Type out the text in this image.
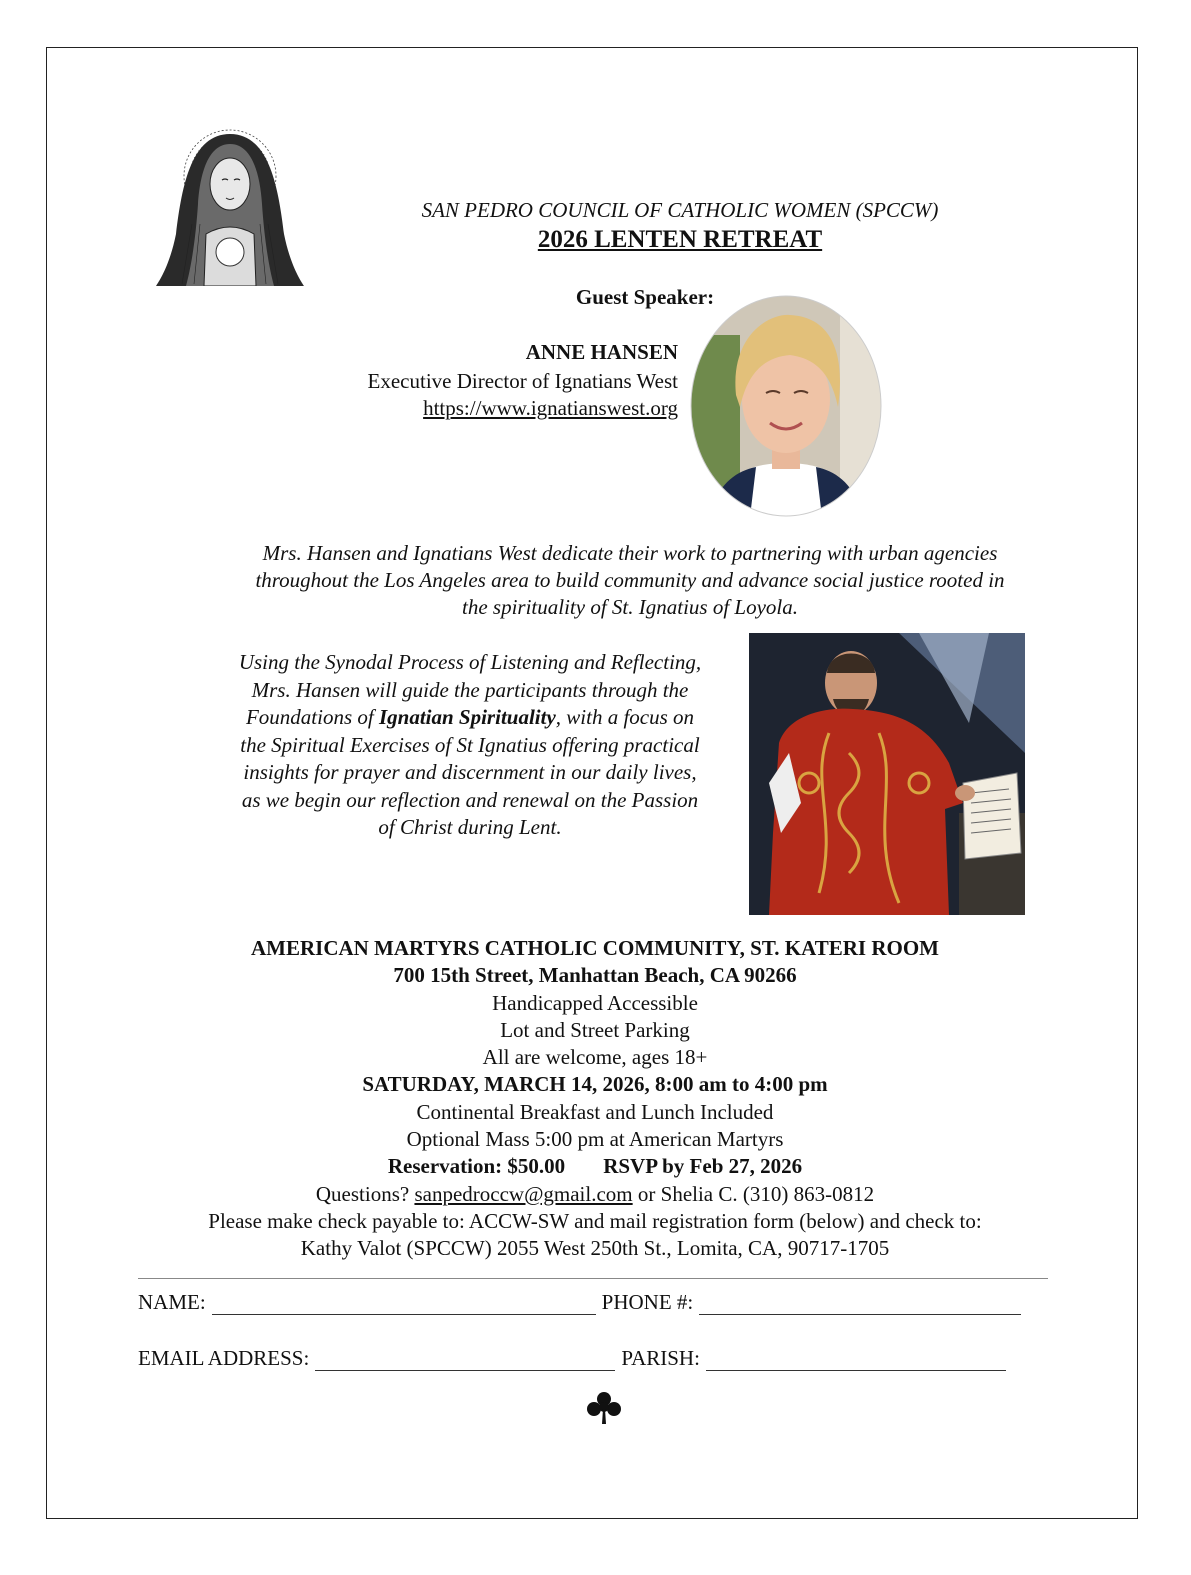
SAN PEDRO COUNCIL OF CATHOLIC WOMEN (SPCCW)
2026 LENTEN RETREAT
Guest Speaker:
ANNE HANSEN
Executive Director of Ignatians West
https://www.ignatianswest.org
Mrs. Hansen and Ignatians West dedicate their work to partnering with urban agencies
throughout the Los Angeles area to build community and advance social justice rooted in
the spirituality of St. Ignatius of Loyola.
Using the Synodal Process of Listening and Reflecting,
Mrs. Hansen will guide the participants through the
Foundations of Ignatian Spirituality, with a focus on
the Spiritual Exercises of St Ignatius offering practical
insights for prayer and discernment in our daily lives,
as we begin our reflection and renewal on the Passion
of Christ during Lent.
AMERICAN MARTYRS CATHOLIC COMMUNITY, ST. KATERI ROOM
700 15th Street, Manhattan Beach, CA 90266
Handicapped Accessible
Lot and Street Parking
All are welcome, ages 18+
SATURDAY, MARCH 14, 2026, 8:00 am to 4:00 pm
Continental Breakfast and Lunch Included
Optional Mass 5:00 pm at American Martyrs
Reservation: $50.00 RSVP by Feb 27, 2026
Questions? sanpedroccw@gmail.com or Shelia C. (310) 863-0812
Please make check payable to: ACCW-SW and mail registration form (below) and check to:
Kathy Valot (SPCCW) 2055 West 250th St., Lomita, CA, 90717-1705
NAME:	PHONE #:
EMAIL ADDRESS:	PARISH:
